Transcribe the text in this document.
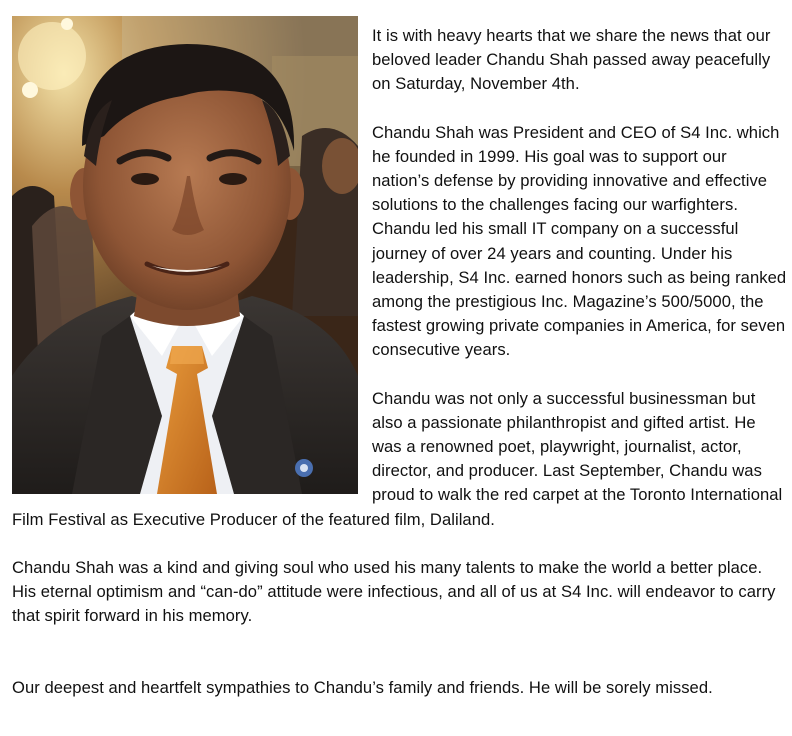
It is with heavy hearts that we share the news that our beloved leader Chandu Shah passed away peacefully on Saturday, November 4th.

Chandu Shah was President and CEO of S4 Inc. which he founded in 1999. His goal was to support our nation’s defense by providing innovative and effective solutions to the challenges facing our warfighters. Chandu led his small IT company on a successful journey of over 24 years and counting. Under his leadership, S4 Inc. earned honors such as being ranked among the prestigious Inc. Magazine’s 500/5000, the fastest growing private companies in America, for seven consecutive years.

Chandu was not only a successful businessman but also a passionate philanthropist and gifted artist. He was a renowned poet, playwright, journalist, actor, director, and producer. Last September, Chandu was proud to walk the red carpet at the Toronto International Film Festival as Executive Producer of the featured film, Daliland.

Chandu Shah was a kind and giving soul who used his many talents to make the world a better place. His eternal optimism and “can-do” attitude were infectious, and all of us at S4 Inc. will endeavor to carry that spirit forward in his memory.

Our deepest and heartfelt sympathies to Chandu’s family and friends. He will be sorely missed.
